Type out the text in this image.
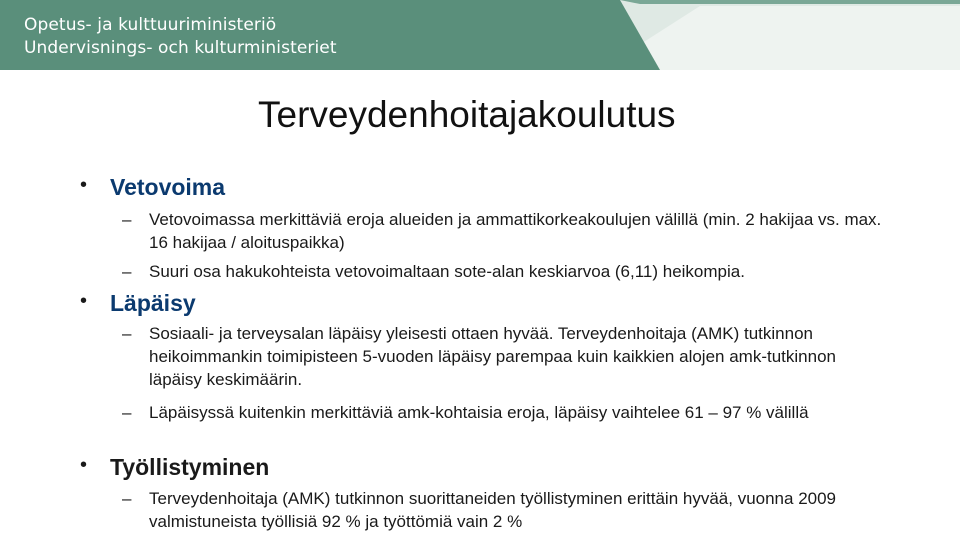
Opetus- ja kulttuuriministeriö
Undervisnings- och kulturministeriet
Terveydenhoitajakoulutus
• Vetovoima
– Vetovoimassa merkittäviä eroja alueiden ja ammattikorkeakoulujen välillä (min. 2 hakijaa vs. max. 16 hakijaa / aloituspaikka)
– Suuri osa hakukohteista vetovoimaltaan sote-alan keskiarvoa (6,11) heikompia.
• Läpäisy
– Sosiaali- ja terveysalan läpäisy yleisesti ottaen hyvää. Terveydenhoitaja (AMK) tutkinnon heikoimmankin toimipisteen 5-vuoden läpäisy parempaa kuin kaikkien alojen amk-tutkinnon läpäisy keskimäärin.
– Läpäisyssä kuitenkin merkittäviä amk-kohtaisia eroja, läpäisy vaihtelee 61 – 97 % välillä
• Työllistyminen
– Terveydenhoitaja (AMK) tutkinnon suorittaneiden työllistyminen erittäin hyvää, vuonna 2009 valmistuneista työllisiä 92 % ja työttömiä vain 2 %
